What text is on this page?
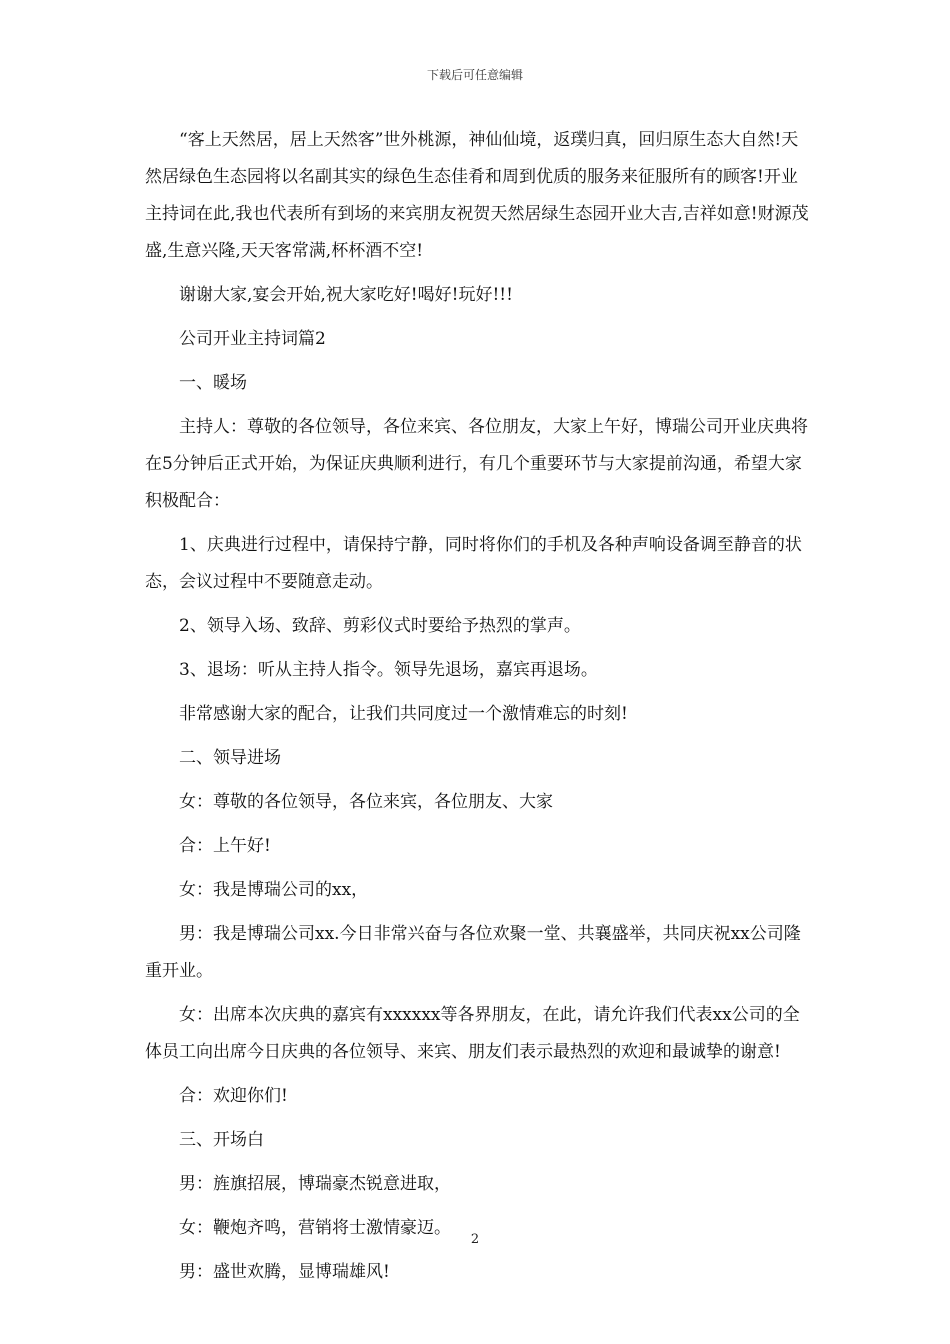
下载后可任意编辑

“客上天然居，居上天然客”世外桃源，神仙仙境，返璞归真，回归原生态大自然!天然居绿色生态园将以名副其实的绿色生态佳肴和周到优质的服务来征服所有的顾客!开业主持词在此,我也代表所有到场的来宾朋友祝贺天然居绿生态园开业大吉,吉祥如意!财源茂盛,生意兴隆,天天客常满,杯杯酒不空!

谢谢大家,宴会开始,祝大家吃好!喝好!玩好!!!

公司开业主持词篇2

一、暖场

主持人：尊敬的各位领导，各位来宾、各位朋友，大家上午好，博瑞公司开业庆典将在5分钟后正式开始，为保证庆典顺利进行，有几个重要环节与大家提前沟通，希望大家积极配合：

1、庆典进行过程中，请保持宁静，同时将你们的手机及各种声响设备调至静音的状态，会议过程中不要随意走动。

2、领导入场、致辞、剪彩仪式时要给予热烈的掌声。

3、退场：听从主持人指令。领导先退场，嘉宾再退场。

非常感谢大家的配合，让我们共同度过一个激情难忘的时刻!

二、领导进场

女：尊敬的各位领导，各位来宾，各位朋友、大家

合：上午好!

女：我是博瑞公司的xx，

男：我是博瑞公司xx.今日非常兴奋与各位欢聚一堂、共襄盛举，共同庆祝xx公司隆重开业。

女：出席本次庆典的嘉宾有xxxxxx等各界朋友，在此，请允许我们代表xx公司的全体员工向出席今日庆典的各位领导、来宾、朋友们表示最热烈的欢迎和最诚挚的谢意!

合：欢迎你们!

三、开场白

男：旌旗招展，博瑞豪杰锐意进取，

女：鞭炮齐鸣，营销将士激情豪迈。

男：盛世欢腾，显博瑞雄风!

2
